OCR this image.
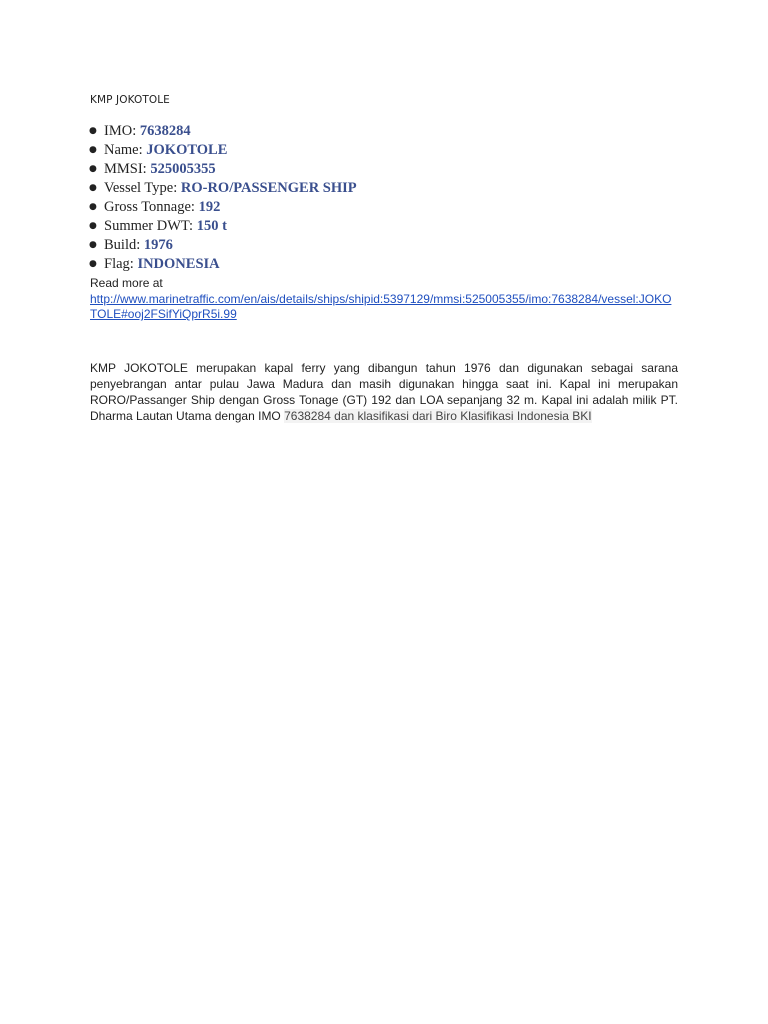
KMP JOKOTOLE
● IMO: 7638284
● Name: JOKOTOLE
● MMSI: 525005355
● Vessel Type: RO-RO/PASSENGER SHIP
● Gross Tonnage: 192
● Summer DWT: 150 t
● Build: 1976
● Flag: INDONESIA
Read more at
http://www.marinetraffic.com/en/ais/details/ships/shipid:5397129/mmsi:525005355/imo:7638284/vessel:JOKOTOLE#ooj2FSifYiQprR5i.99

KMP JOKOTOLE merupakan kapal ferry yang dibangun tahun 1976 dan digunakan sebagai sarana penyebrangan antar pulau Jawa Madura dan masih digunakan hingga saat ini. Kapal ini merupakan RORO/Passanger Ship dengan Gross Tonage (GT) 192 dan LOA sepanjang 32 m. Kapal ini adalah milik PT. Dharma Lautan Utama dengan IMO 7638284 dan klasifikasi dari Biro Klasifikasi Indonesia BKI
